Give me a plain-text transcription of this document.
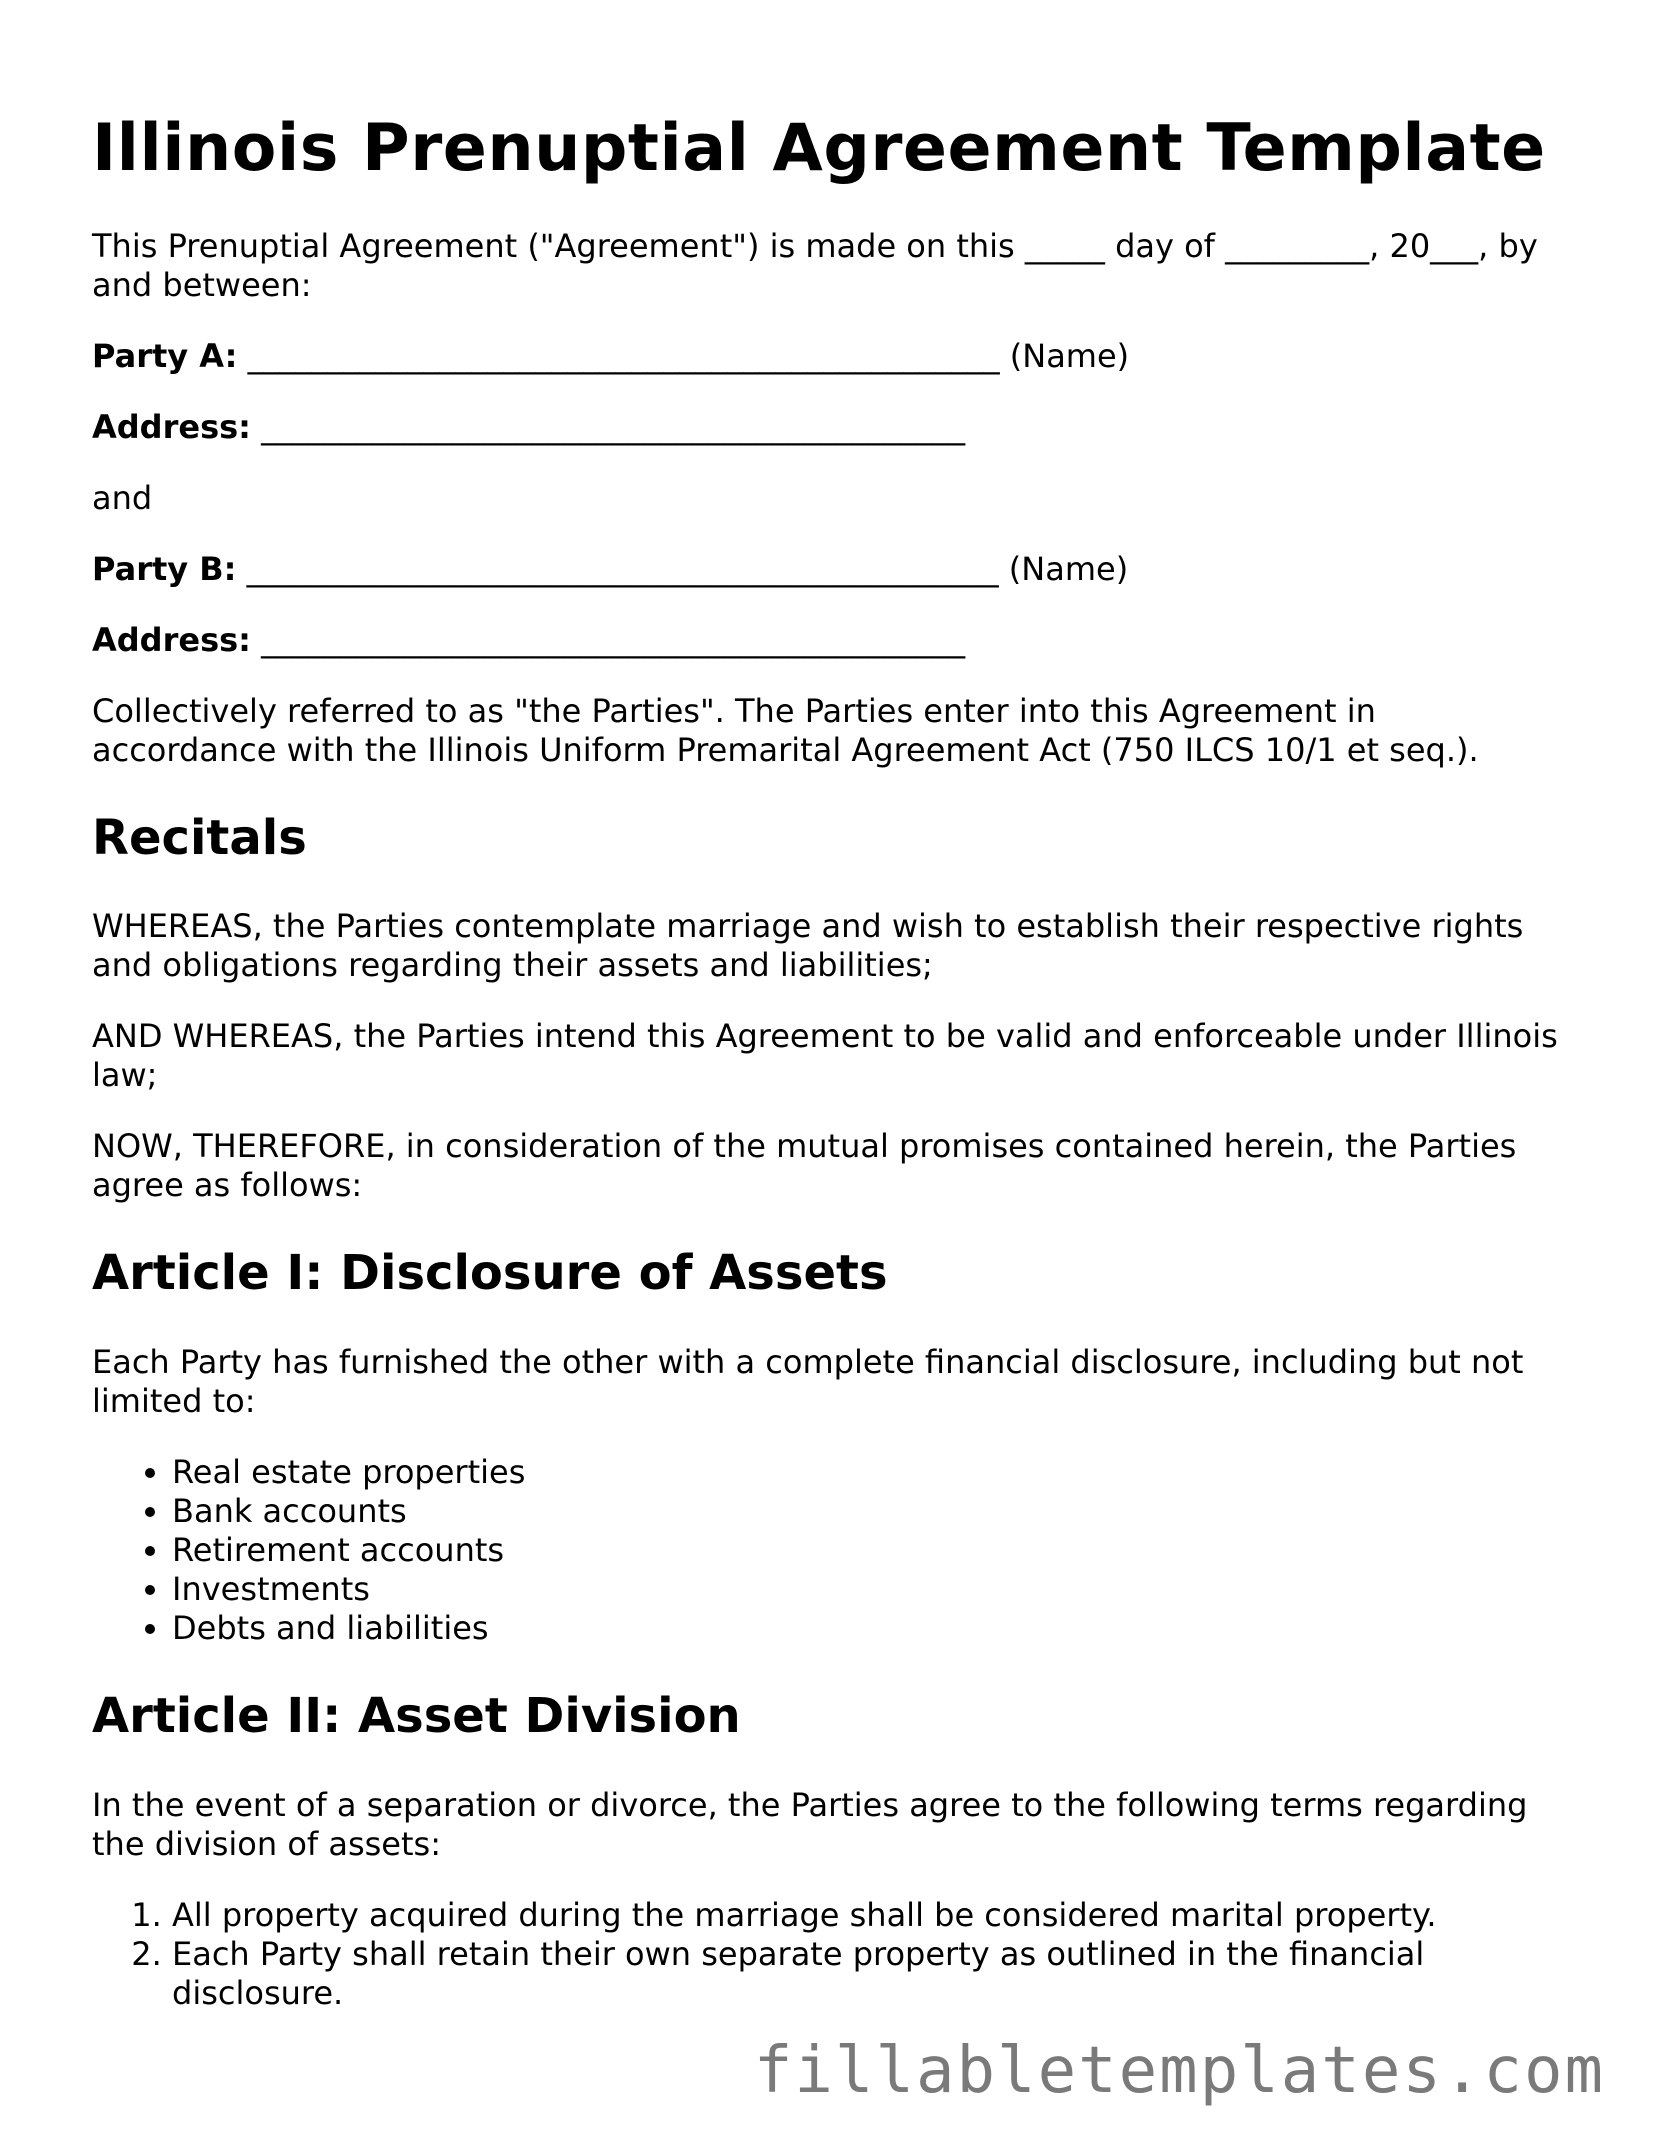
Illinois Prenuptial Agreement Template

This Prenuptial Agreement ("Agreement") is made on this _____ day of _________, 20___, by and between:

Party A: _______________________________________________ (Name)

Address: ____________________________________________

and

Party B: _______________________________________________ (Name)

Address: ____________________________________________

Collectively referred to as "the Parties". The Parties enter into this Agreement in accordance with the Illinois Uniform Premarital Agreement Act (750 ILCS 10/1 et seq.).

Recitals

WHEREAS, the Parties contemplate marriage and wish to establish their respective rights and obligations regarding their assets and liabilities;

AND WHEREAS, the Parties intend this Agreement to be valid and enforceable under Illinois law;

NOW, THEREFORE, in consideration of the mutual promises contained herein, the Parties agree as follows:

Article I: Disclosure of Assets

Each Party has furnished the other with a complete financial disclosure, including but not limited to:

• Real estate properties
• Bank accounts
• Retirement accounts
• Investments
• Debts and liabilities
Article II: Asset Division

In the event of a separation or divorce, the Parties agree to the following terms regarding the division of assets:

1. All property acquired during the marriage shall be considered marital property.
2. Each Party shall retain their own separate property as outlined in the financial disclosure.
fillabletemplates.com
